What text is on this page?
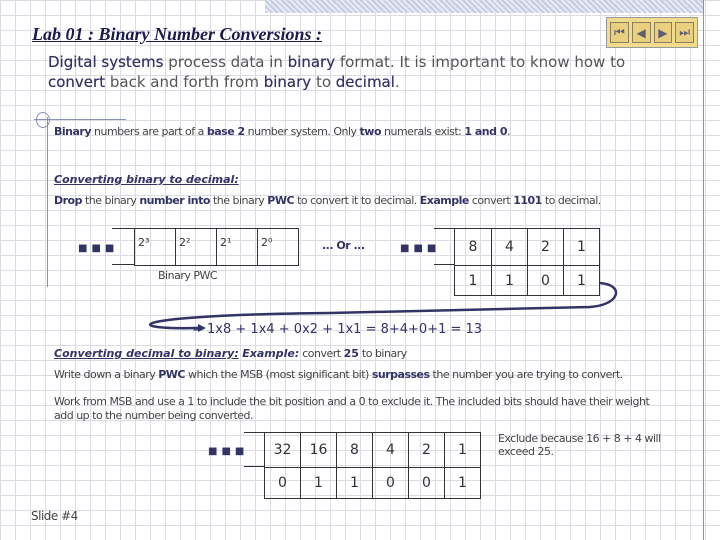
Lab 01 : Binary Number Conversions :	⏮ ◀	▶ ⏭
Digital systems process data in binary format. It is important to know how to
convert back and forth from binary to decimal.
Binary numbers are part of a base 2 number system. Only two numerals exist: 1 and 0.
Converting binary to decimal:
Drop the binary number into the binary PWC to convert it to decimal. Example convert 1101 to decimal.
■■■ 2³	2²	2¹	2⁰
Binary PWC
... Or ...	■■■ 8	4	2	1
1	1	0	1
= 1x8 + 1x4 + 0x2 + 1x1 = 8+4+0+1 = 13
Converting decimal to binary: Example: convert 25 to binary
Write down a binary PWC which the MSB (most significant bit) surpasses the number you are trying to convert.
Work from MSB and use a 1 to include the bit position and a 0 to exclude it. The included bits should have their weight add up to the number being converted.
■■■ 32	16	8	4	2	1
0	1	1	0	0	1
Exclude because 16 + 8 + 4 will exceed 25.
Slide #4
